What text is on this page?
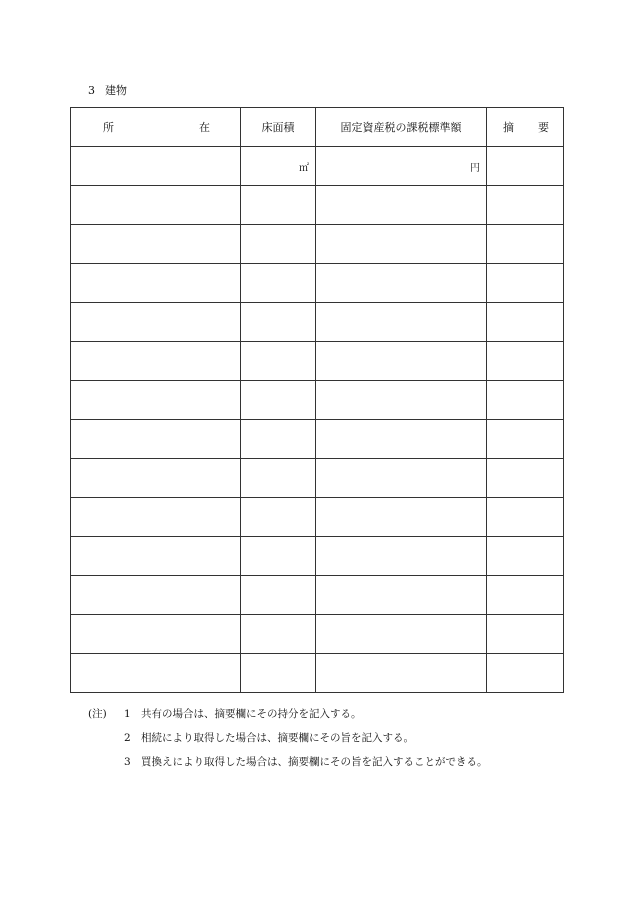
3 建物
所 在	床面積	固定資産税の課税標準額	摘 要

	㎡	円	

(注) 1 共有の場合は、摘要欄にその持分を記入する。
2 相続により取得した場合は、摘要欄にその旨を記入する。
3 買換えにより取得した場合は、摘要欄にその旨を記入することができる。
